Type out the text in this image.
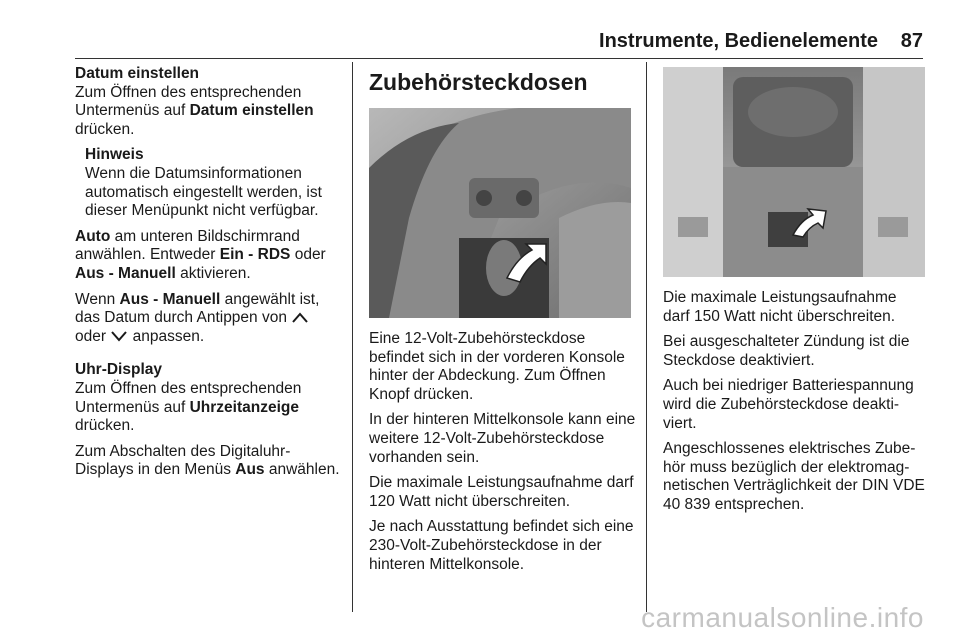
Instrumente, Bedienelemente 87

Datum einstellen
Zum Öffnen des entsprechenden Untermenüs auf Datum einstellen drücken.

Hinweis
Wenn die Datumsinformationen automatisch eingestellt werden, ist dieser Menüpunkt nicht verfügbar.

Auto am unteren Bildschirmrand anwählen. Entweder Ein - RDS oder Aus - Manuell aktivieren.

Wenn Aus - Manuell angewählt ist, das Datum durch Antippen von  oder  anpassen.

Uhr-Display
Zum Öffnen des entsprechenden Untermenüs auf Uhrzeitanzeige drücken.

Zum Abschalten des Digitaluhr-Displays in den Menüs Aus anwählen.

Zubehörsteckdosen

Eine 12-Volt-Zubehörsteckdose befindet sich in der vorderen Konsole hinter der Abdeckung. Zum Öffnen Knopf drücken.

In der hinteren Mittelkonsole kann eine weitere 12-Volt-Zubehörsteckdose vorhanden sein.

Die maximale Leistungsaufnahme darf 120 Watt nicht überschreiten.

Je nach Ausstattung befindet sich eine 230-Volt-Zubehörsteckdose in der hinteren Mittelkonsole.

Die maximale Leistungsaufnahme darf 150 Watt nicht überschreiten.

Bei ausgeschalteter Zündung ist die Steckdose deaktiviert.

Auch bei niedriger Batteriespannung wird die Zubehörsteckdose deaktiviert.

Angeschlossenes elektrisches Zubehör muss bezüglich der elektromagnetischen Verträglichkeit der DIN VDE 40 839 entsprechen.

carmanualsonline.info
